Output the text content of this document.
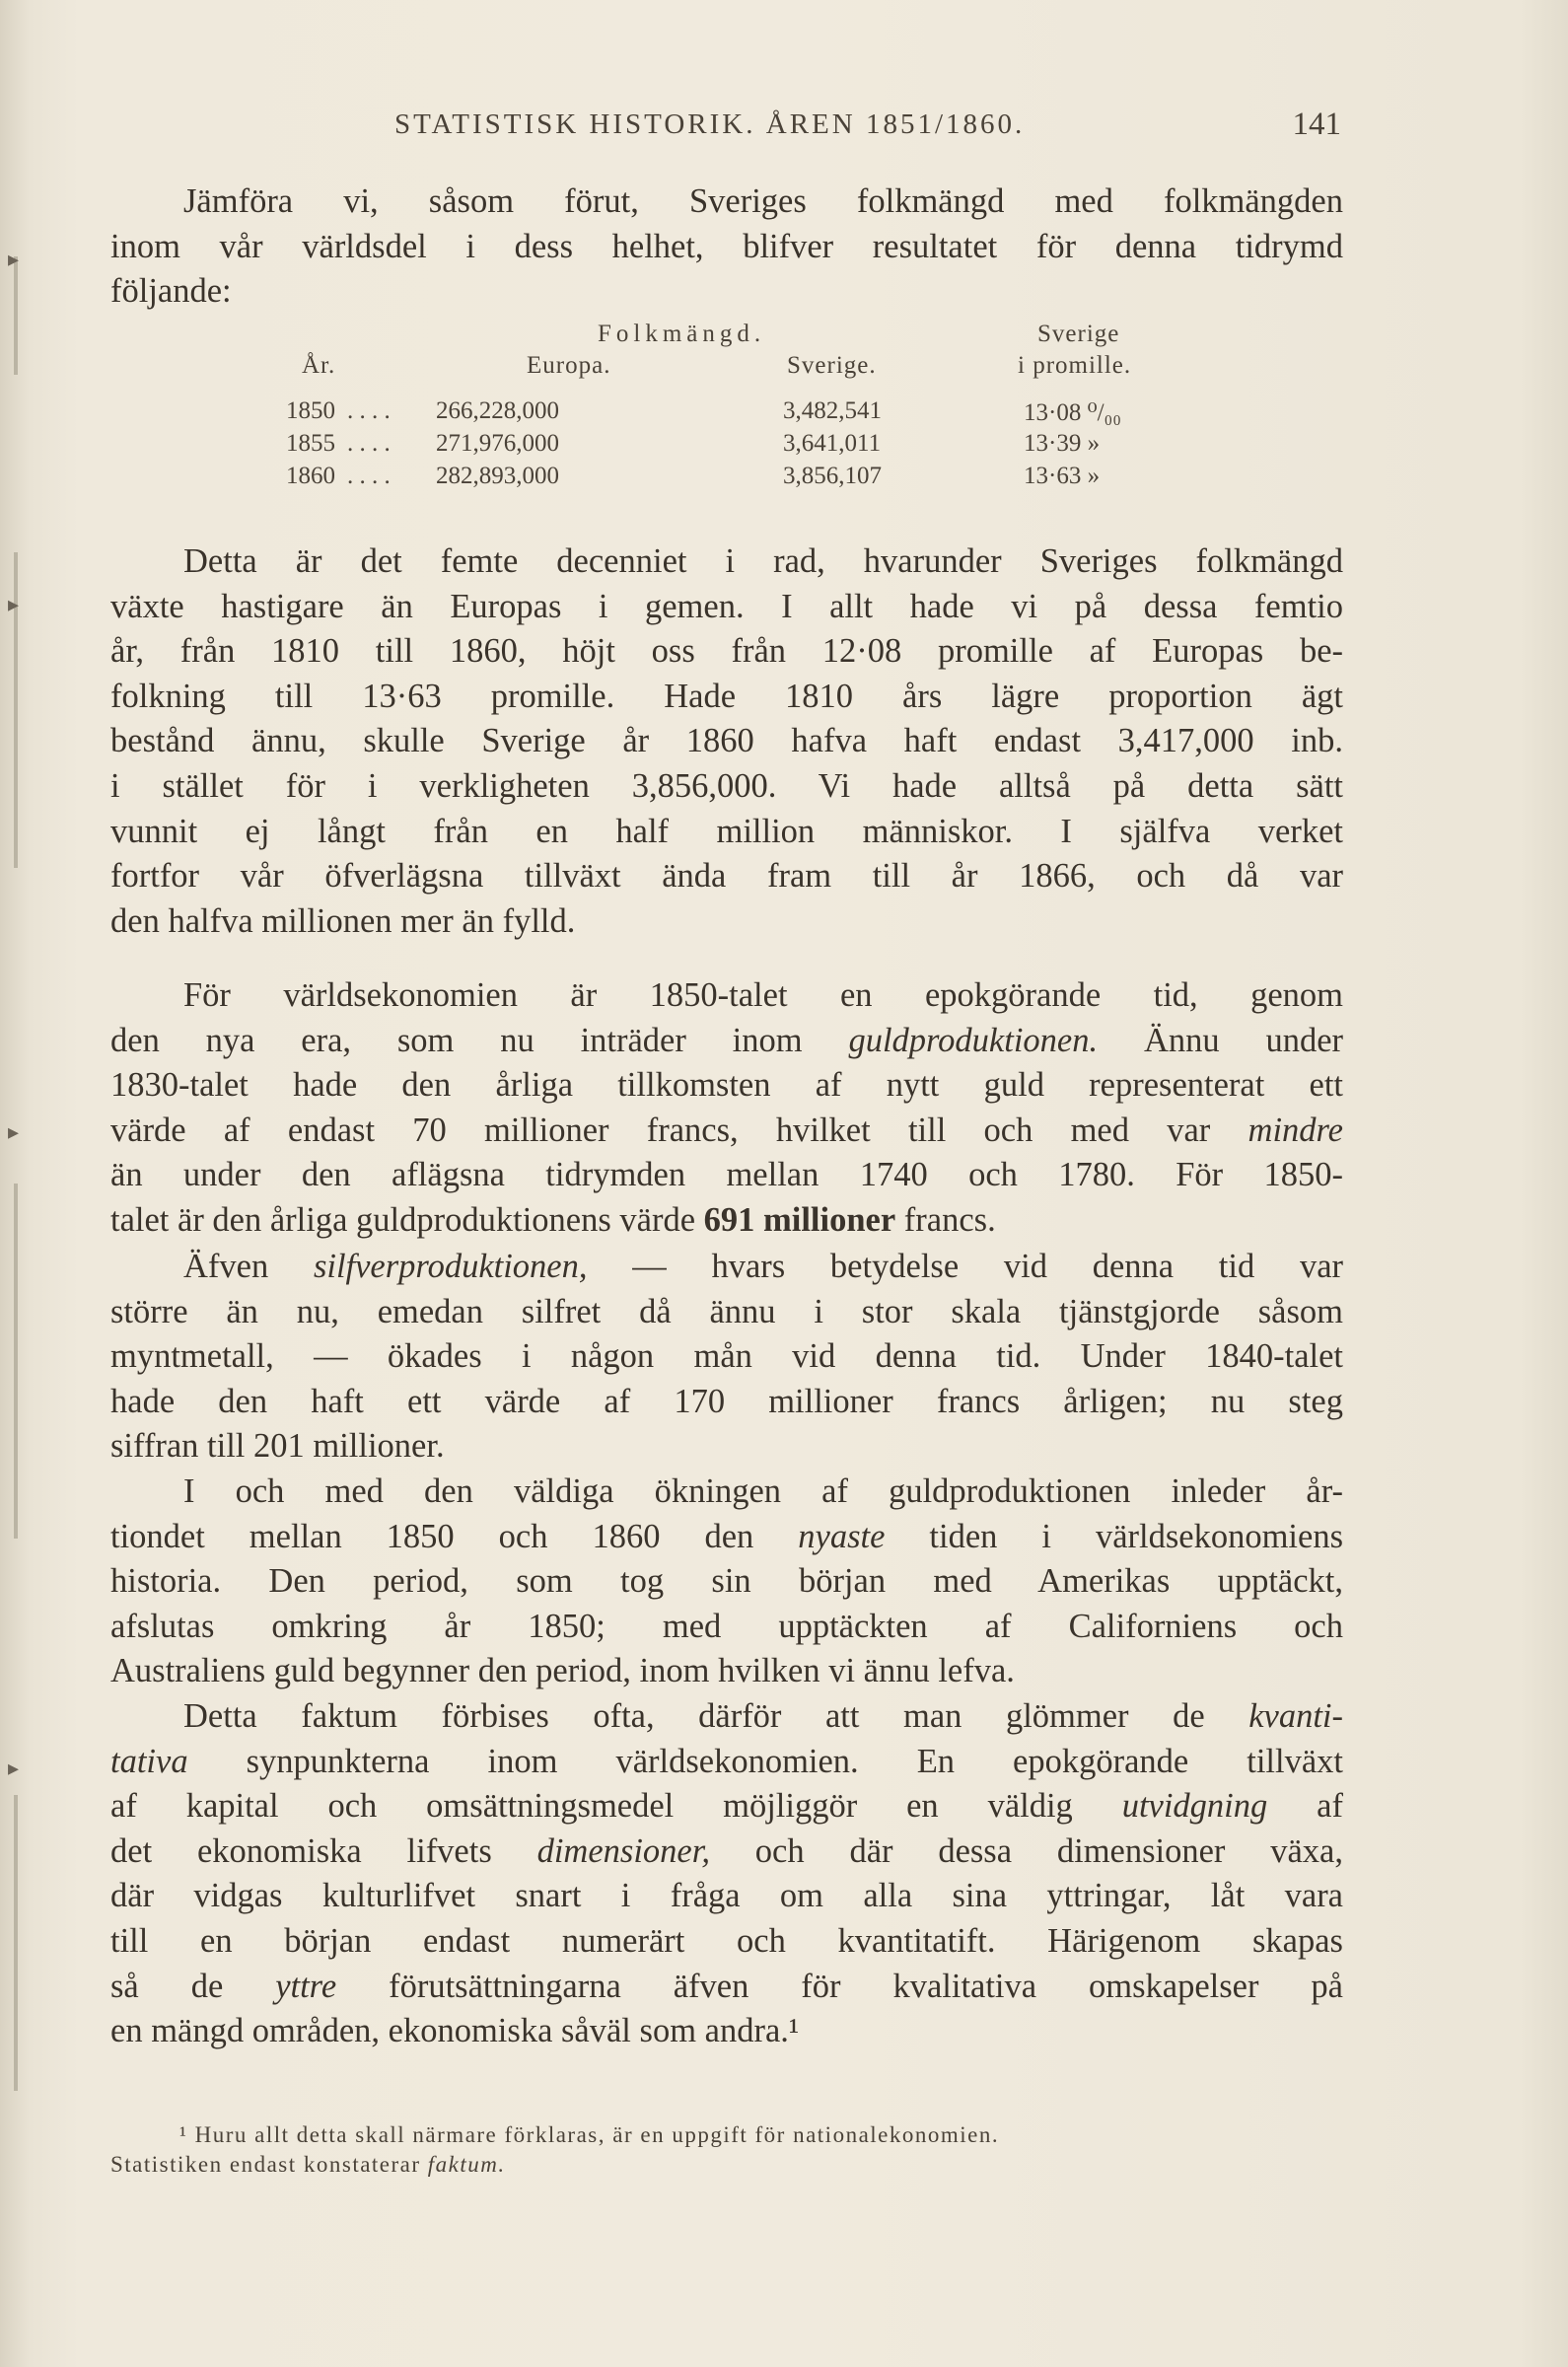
▸
▸
▸
▸
STATISTISK HISTORIK. ÅREN 1851/1860.	141
Jämföra vi, såsom förut, Sveriges folkmängd med folkmängden
inom vår världsdel i dess helhet, blifver resultatet för denna tidrymd
följande:
Folkmängd.	Sverige
År.	Europa.	Sverige.	i promille.
1850 . . . . 266,228,000	3,482,541	13·08 ⁰/₀₀
1855 . . . . 271,976,000	3,641,011	13·39 »
1860 . . . . 282,893,000	3,856,107	13·63 »
Detta är det femte decenniet i rad, hvarunder Sveriges folkmängd
växte hastigare än Europas i gemen. I allt hade vi på dessa femtio
år, från 1810 till 1860, höjt oss från 12·08 promille af Europas be-
folkning till 13·63 promille. Hade 1810 års lägre proportion ägt
bestånd ännu, skulle Sverige år 1860 hafva haft endast 3,417,000 inb.
i stället för i verkligheten 3,856,000. Vi hade alltså på detta sätt
vunnit ej långt från en half million människor. I själfva verket
fortfor vår öfverlägsna tillväxt ända fram till år 1866, och då var
den halfva millionen mer än fylld.
För världsekonomien är 1850-talet en epokgörande tid, genom
den nya era, som nu inträder inom guldproduktionen. Ännu under
1830-talet hade den årliga tillkomsten af nytt guld representerat ett
värde af endast 70 millioner francs, hvilket till och med var mindre
än under den aflägsna tidrymden mellan 1740 och 1780. För 1850-
talet är den årliga guldproduktionens värde 691 millioner francs.
Äfven silfverproduktionen, — hvars betydelse vid denna tid var
större än nu, emedan silfret då ännu i stor skala tjänstgjorde såsom
myntmetall, — ökades i någon mån vid denna tid. Under 1840-talet
hade den haft ett värde af 170 millioner francs årligen; nu steg
siffran till 201 millioner.
I och med den väldiga ökningen af guldproduktionen inleder år-
tiondet mellan 1850 och 1860 den nyaste tiden i världsekonomiens
historia. Den period, som tog sin början med Amerikas upptäckt,
afslutas omkring år 1850; med upptäckten af Californiens och
Australiens guld begynner den period, inom hvilken vi ännu lefva.
Detta faktum förbises ofta, därför att man glömmer de kvanti-
tativa synpunkterna inom världsekonomien. En epokgörande tillväxt
af kapital och omsättningsmedel möjliggör en väldig utvidgning af
det ekonomiska lifvets dimensioner, och där dessa dimensioner växa,
där vidgas kulturlifvet snart i fråga om alla sina yttringar, låt vara
till en början endast numerärt och kvantitatift. Härigenom skapas
så de yttre förutsättningarna äfven för kvalitativa omskapelser på
en mängd områden, ekonomiska såväl som andra.¹
¹ Huru allt detta skall närmare förklaras, är en uppgift för nationalekonomien.
Statistiken endast konstaterar faktum.
